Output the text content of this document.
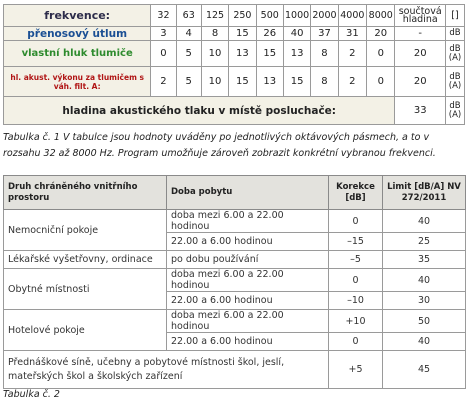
frekvence:	32	63	125	250	500	1000	2000	4000	8000	součtová hladina	[]
přenosový útlum	3	4	8	15	26	40	37	31	20	-	dB
vlastní hluk tlumiče	0	5	10	13	15	13	8	2	0	20	dB (A)
hl. akust. výkonu za tlumičem s váh. filt. A:	2	5	10	15	13	15	8	2	0	20	dB (A)
hladina akustického tlaku v místě posluchače:										33	dB (A)
Tabulka č. 1 V tabulce jsou hodnoty uváděny po jednotlivých oktávových pásmech, a to v rozsahu 32 až 8000 Hz. Program umožňuje zároveň zobrazit konkrétní vybranou frekvenci.
Druh chráněného vnitřního prostoru	Doba pobytu	Korekce [dB]	Limit [dB/A] NV 272/2011
Nemocniční pokoje	doba mezi 6.00 a 22.00 hodinou	0	40
	22.00 a 6.00 hodinou	–15	25
Lékařské vyšetřovny, ordinace	po dobu používání	–5	35
Obytné místnosti	doba mezi 6.00 a 22.00 hodinou	0	40
	22.00 a 6.00 hodinou	–10	30
Hotelové pokoje	doba mezi 6.00 a 22.00 hodinou	+10	50
	22.00 a 6.00 hodinou	0	40
Přednáškové síně, učebny a pobytové místnosti škol, jeslí, mateřských škol a školských zařízení		+5	45
Tabulka č. 2
